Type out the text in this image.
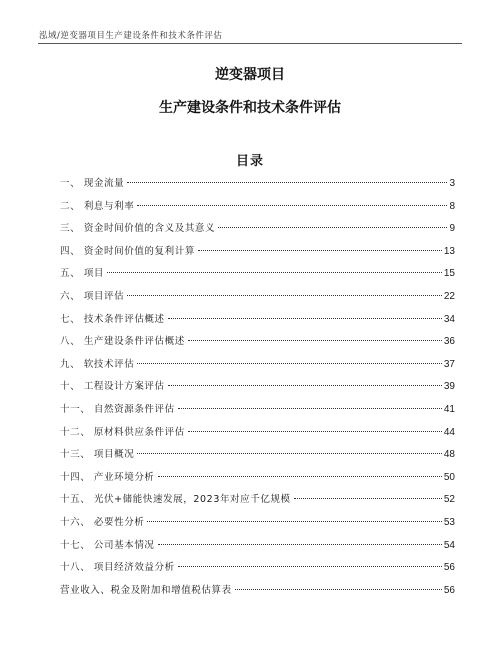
泓域/逆变器项目生产建设条件和技术条件评估
逆变器项目
生产建设条件和技术条件评估
目录
一、 现金流量	3
二、 利息与利率	8
三、 资金时间价值的含义及其意义	9
四、 资金时间价值的复利计算	13
五、 项目	15
六、 项目评估	22
七、 技术条件评估概述	34
八、 生产建设条件评估概述	36
九、 软技术评估	37
十、 工程设计方案评估	39
十一、 自然资源条件评估	41
十二、 原材料供应条件评估	44
十三、 项目概况	48
十四、 产业环境分析	50
十五、 光伏+储能快速发展，2023年对应千亿规模	52
十六、 必要性分析	53
十七、 公司基本情况	54
十八、 项目经济效益分析	56
营业收入、税金及附加和增值税估算表	56
